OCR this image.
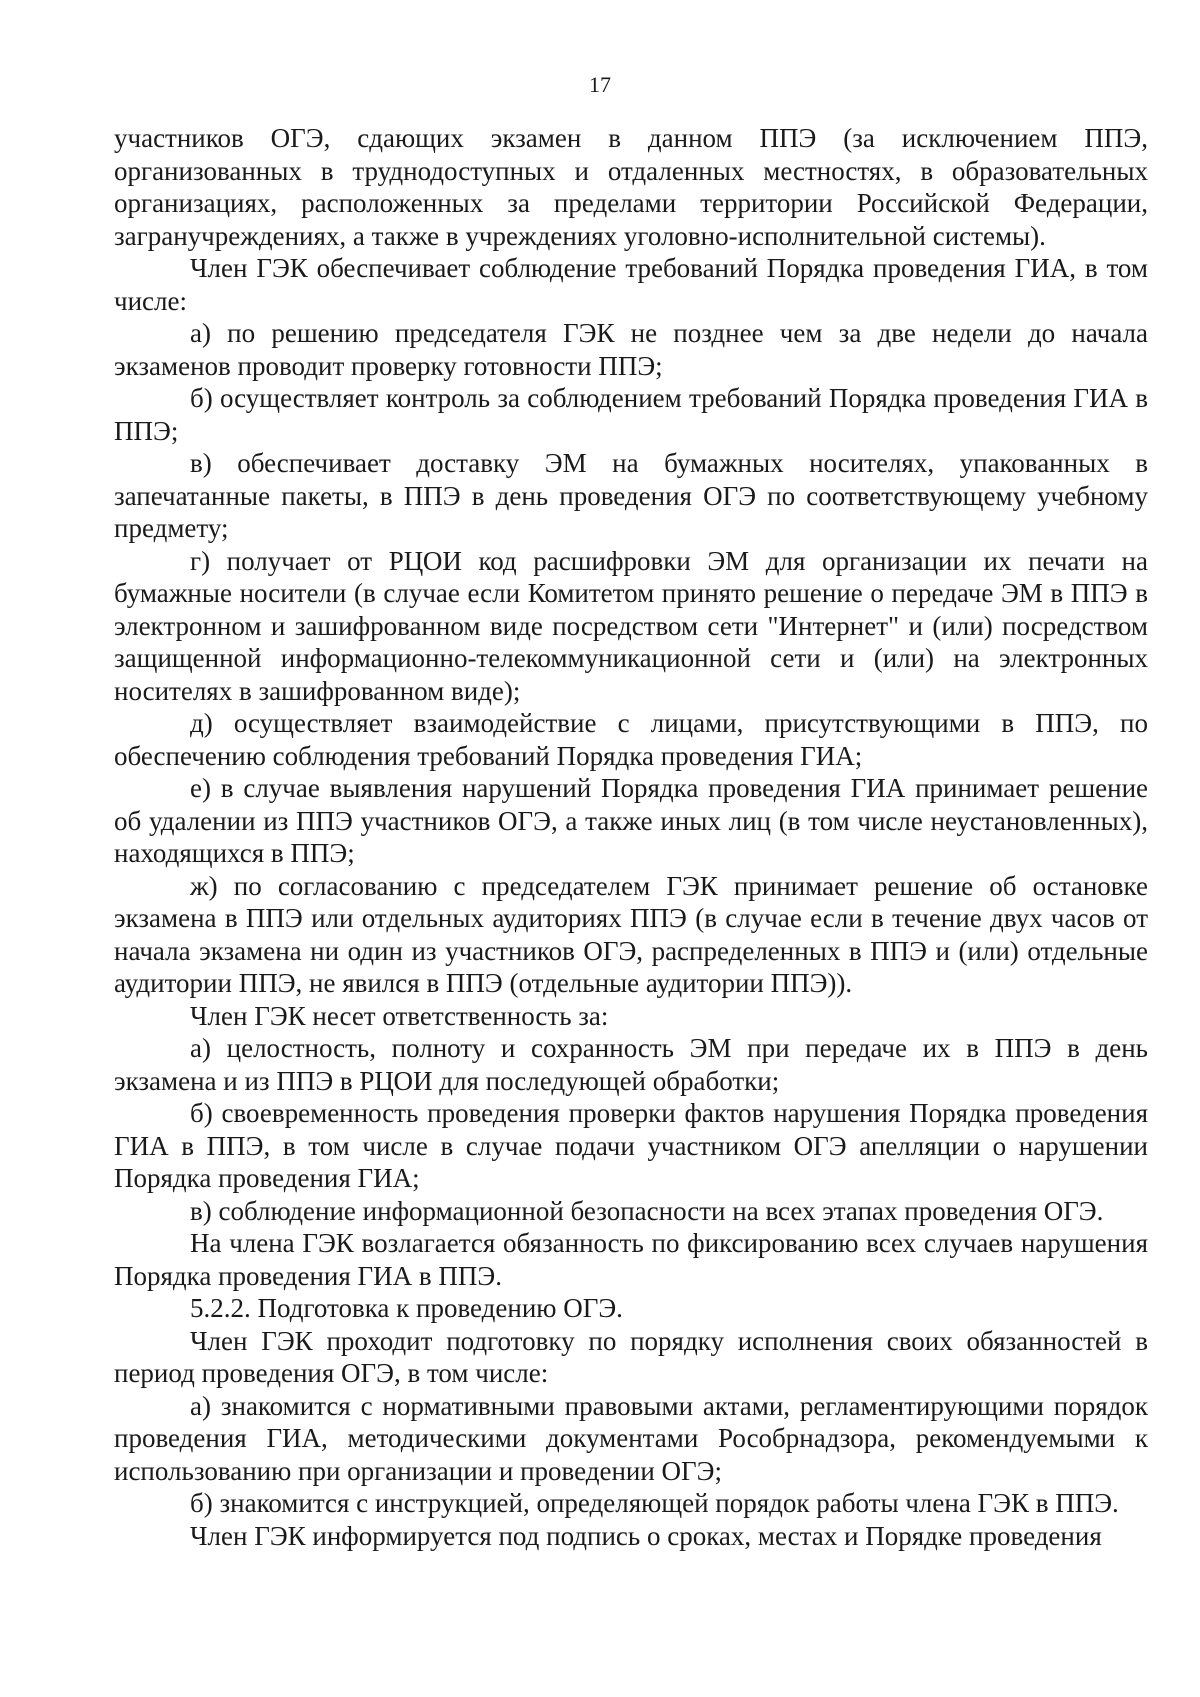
17

участников ОГЭ, сдающих экзамен в данном ППЭ (за исключением ППЭ, организованных в труднодоступных и отдаленных местностях, в образовательных организациях, расположенных за пределами территории Российской Федерации, загранучреждениях, а также в учреждениях уголовно-исполнительной системы).

Член ГЭК обеспечивает соблюдение требований Порядка проведения ГИА, в том числе:

а) по решению председателя ГЭК не позднее чем за две недели до начала экзаменов проводит проверку готовности ППЭ;

б) осуществляет контроль за соблюдением требований Порядка проведения ГИА в ППЭ;

в) обеспечивает доставку ЭМ на бумажных носителях, упакованных в запечатанные пакеты, в ППЭ в день проведения ОГЭ по соответствующему учебному предмету;

г) получает от РЦОИ код расшифровки ЭМ для организации их печати на бумажные носители (в случае если Комитетом принято решение о передаче ЭМ в ППЭ в электронном и зашифрованном виде посредством сети "Интернет" и (или) посредством защищенной информационно-телекоммуникационной сети и (или) на электронных носителях в зашифрованном виде);

д) осуществляет взаимодействие с лицами, присутствующими в ППЭ, по обеспечению соблюдения требований Порядка проведения ГИА;

е) в случае выявления нарушений Порядка проведения ГИА принимает решение об удалении из ППЭ участников ОГЭ, а также иных лиц (в том числе неустановленных), находящихся в ППЭ;

ж) по согласованию с председателем ГЭК принимает решение об остановке экзамена в ППЭ или отдельных аудиториях ППЭ (в случае если в течение двух часов от начала экзамена ни один из участников ОГЭ, распределенных в ППЭ и (или) отдельные аудитории ППЭ, не явился в ППЭ (отдельные аудитории ППЭ)).

Член ГЭК несет ответственность за:

а) целостность, полноту и сохранность ЭМ при передаче их в ППЭ в день экзамена и из ППЭ в РЦОИ для последующей обработки;

б) своевременность проведения проверки фактов нарушения Порядка проведения ГИА в ППЭ, в том числе в случае подачи участником ОГЭ апелляции о нарушении Порядка проведения ГИА;

в) соблюдение информационной безопасности на всех этапах проведения ОГЭ.

На члена ГЭК возлагается обязанность по фиксированию всех случаев нарушения Порядка проведения ГИА в ППЭ.

5.2.2. Подготовка к проведению ОГЭ.

Член ГЭК проходит подготовку по порядку исполнения своих обязанностей в период проведения ОГЭ, в том числе:

а) знакомится с нормативными правовыми актами, регламентирующими порядок проведения ГИА, методическими документами Рособрнадзора, рекомендуемыми к использованию при организации и проведении ОГЭ;

б) знакомится с инструкцией, определяющей порядок работы члена ГЭК в ППЭ.

Член ГЭК информируется под подпись о сроках, местах и Порядке проведения
